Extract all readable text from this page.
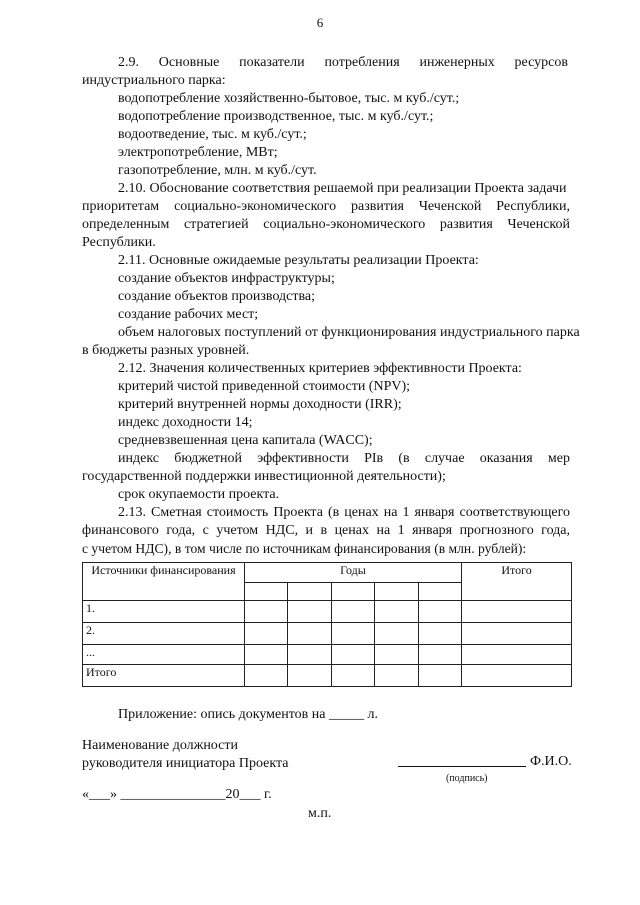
6
2.9. Основные показатели потребления инженерных ресурсов
индустриального парка:
водопотребление хозяйственно-бытовое, тыс. м куб./сут.;
водопотребление производственное, тыс. м куб./сут.;
водоотведение, тыс. м куб./сут.;
электропотребление, МВт;
газопотребление, млн. м куб./сут.
2.10. Обоснование соответствия решаемой при реализации Проекта задачи
приоритетам социально-экономического развития Чеченской Республики,
определенным стратегией социально-экономического развития Чеченской
Республики.
2.11. Основные ожидаемые результаты реализации Проекта:
создание объектов инфраструктуры;
создание объектов производства;
создание рабочих мест;
объем налоговых поступлений от функционирования индустриального парка
в бюджеты разных уровней.
2.12. Значения количественных критериев эффективности Проекта:
критерий чистой приведенной стоимости (NPV);
критерий внутренней нормы доходности (IRR);
индекс доходности 14;
средневзвешенная цена капитала (WACC);
индекс бюджетной эффективности PIв (в случае оказания мер
государственной поддержки инвестиционной деятельности);
срок окупаемости проекта.
2.13. Сметная стоимость Проекта (в ценах на 1 января соответствующего
финансового года, с учетом НДС, и в ценах на 1 января прогнозного года,
с учетом НДС), в том числе по источникам финансирования (в млн. рублей):
Источники финансирования	Годы					Итого

1.						
2.						
...						
Итого						
Приложение: опись документов на _____ л.
Наименование должности
руководителя инициатора Проекта	Ф.И.О.
(подпись)
«___» _______________20___ г.
м.п.
